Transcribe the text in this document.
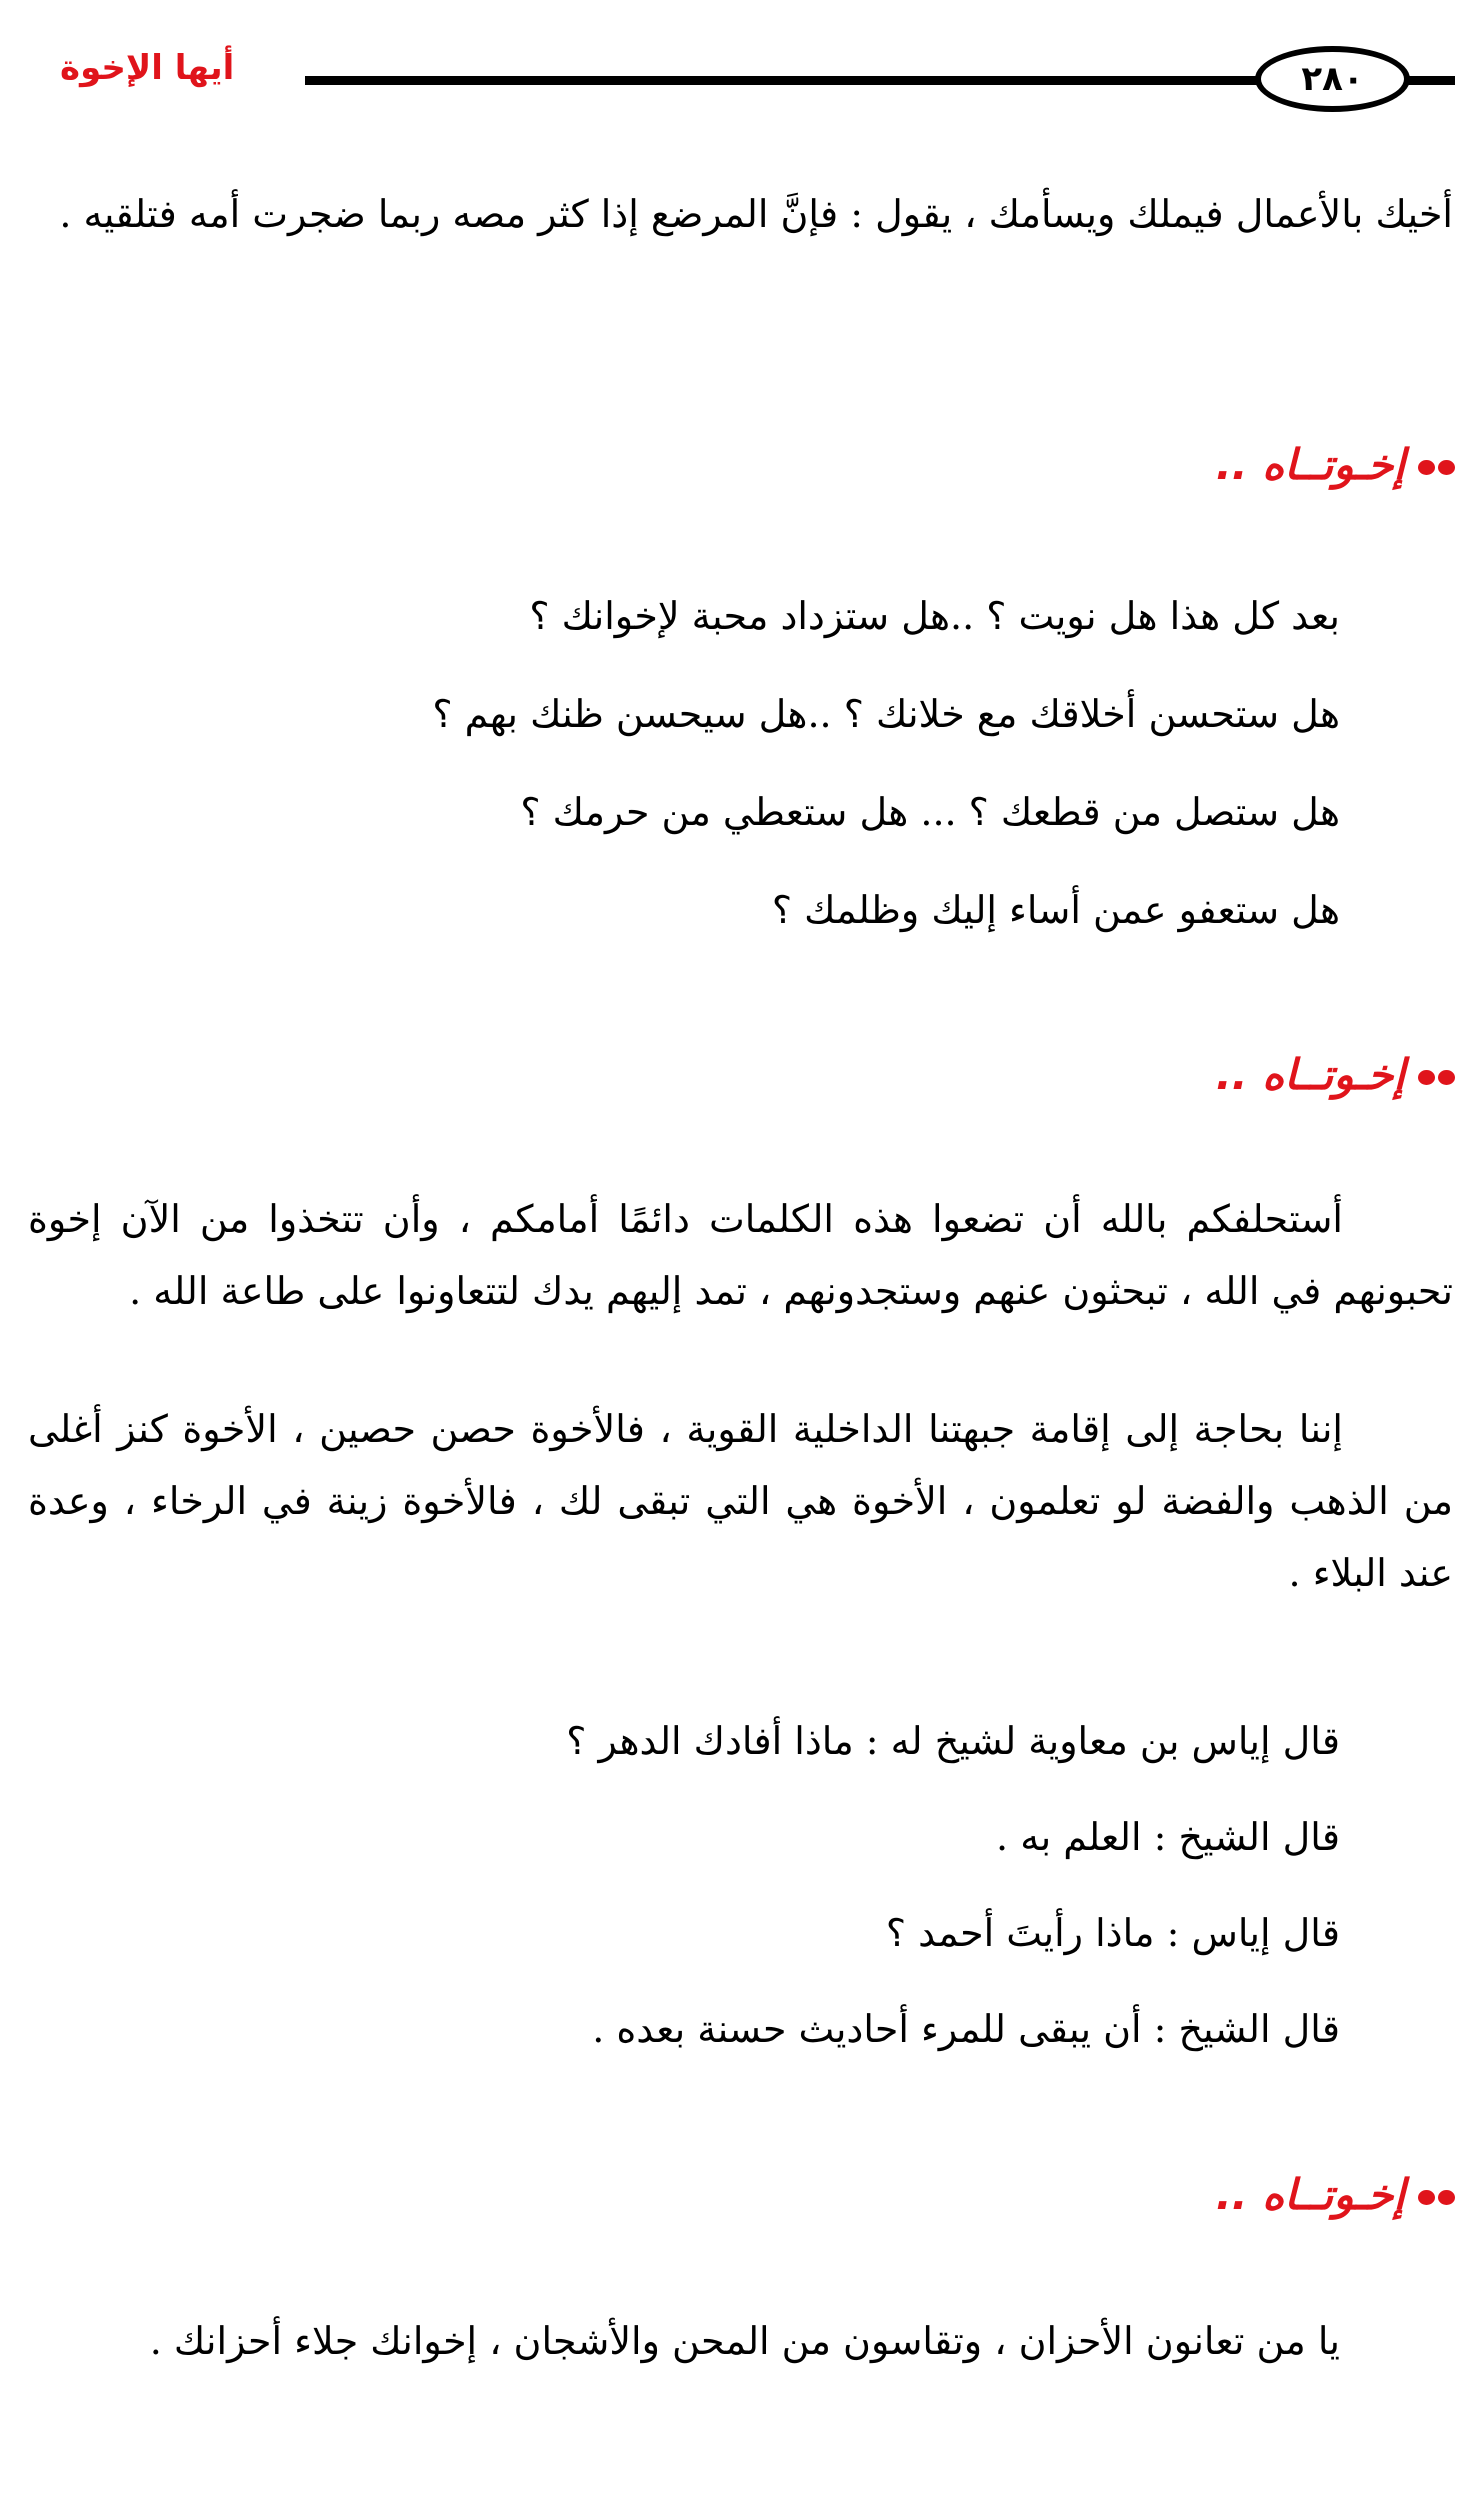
أيها الإخوة	٢٨٠
أخيك بالأعمال فيملك ويسأمك ، يقول : فإنَّ المرضع إذا كثر مصه ربما ضجرت أمه فتلقيه .
إخـوتــاه ..
بعد كل هذا هل نويت ؟ ..هل ستزداد محبة لإخوانك ؟
هل ستحسن أخلاقك مع خلانك ؟ ..هل سيحسن ظنك بهم ؟
هل ستصل من قطعك ؟ ... هل ستعطي من حرمك ؟
هل ستعفو عمن أساء إليك وظلمك ؟
إخـوتــاه ..
أستحلفكم بالله أن تضعوا هذه الكلمات دائمًا أمامكم ، وأن تتخذوا من الآن إخوة تحبونهم في الله ، تبحثون عنهم وستجدونهم ، تمد إليهم يدك لتتعاونوا على طاعة الله .
إننا بحاجة إلى إقامة جبهتنا الداخلية القوية ، فالأخوة حصن حصين ، الأخوة كنز أغلى من الذهب والفضة لو تعلمون ، الأخوة هي التي تبقى لك ، فالأخوة زينة في الرخاء ، وعدة عند البلاء .
قال إياس بن معاوية لشيخ له : ماذا أفادك الدهر ؟
قال الشيخ : العلم به .
قال إياس : ماذا رأيتَ أحمد ؟
قال الشيخ : أن يبقى للمرء أحاديث حسنة بعده .
إخـوتــاه ..
يا من تعانون الأحزان ، وتقاسون من المحن والأشجان ، إخوانك جلاء أحزانك .
